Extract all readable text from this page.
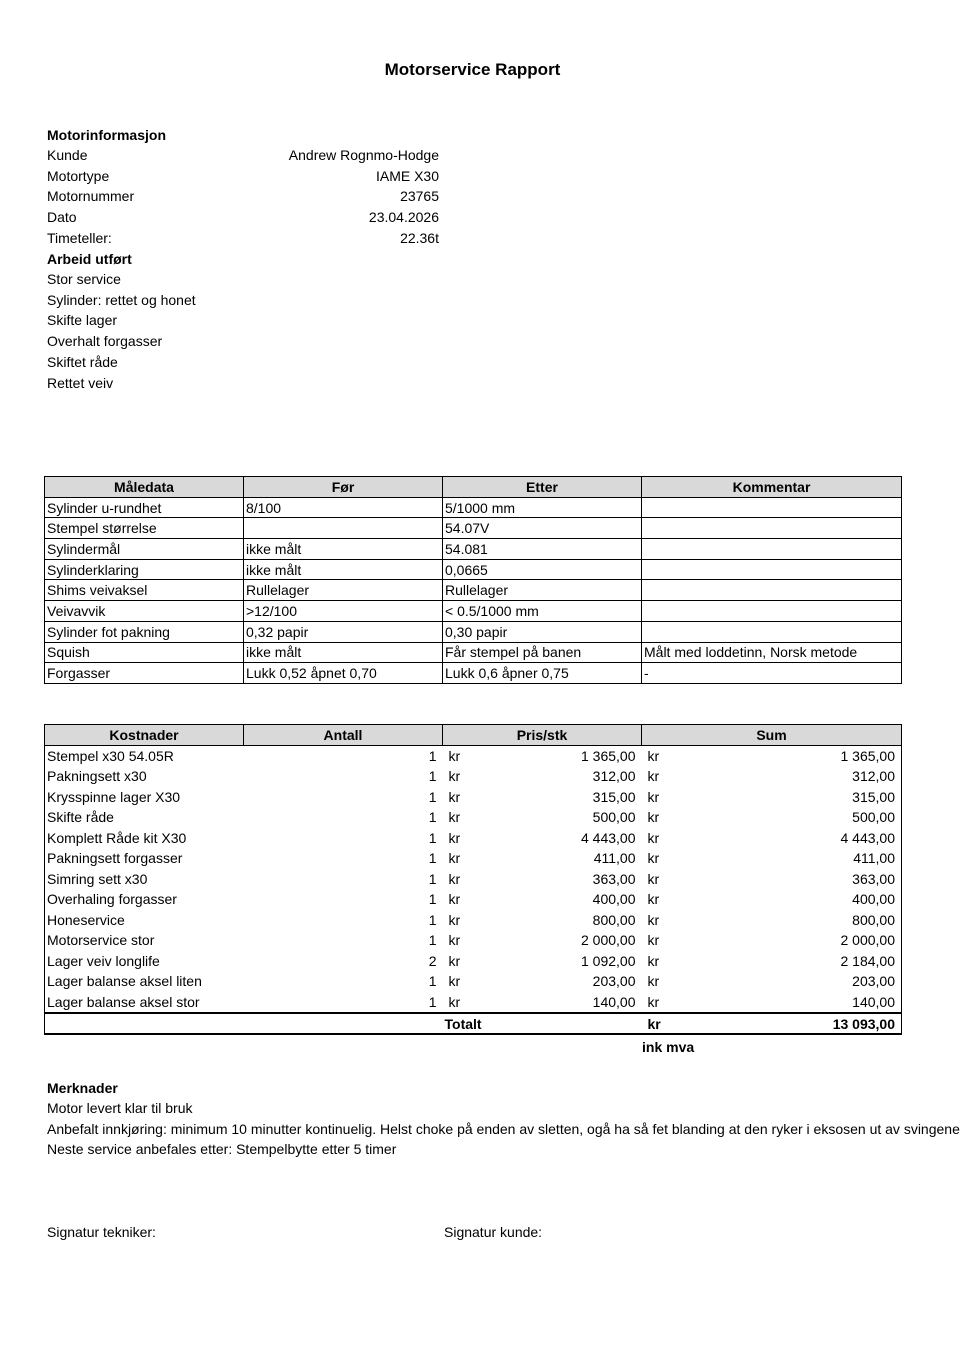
Motorservice Rapport
Motorinformasjon
Kunde	Andrew Rognmo-Hodge
Motortype	IAME X30
Motornummer	23765
Dato	23.04.2026
Timeteller:	22.36t
Arbeid utført
Stor service
Sylinder: rettet og honet
Skifte lager
Overhalt forgasser
Skiftet råde
Rettet veiv
Måledata	Før	Etter	Kommentar
Sylinder u-rundhet	8/100	5/1000 mm	
Stempel størrelse		54.07V	
Sylindermål	ikke målt	54.081	
Sylinderklaring	ikke målt	0,0665	
Shims veivaksel	Rullelager	Rullelager	
Veivavvik	>12/100	< 0.5/1000 mm	
Sylinder fot pakning	0,32 papir	0,30 papir	
Squish	ikke målt	Får stempel på banen	Målt med loddetinn, Norsk metode
Forgasser	Lukk 0,52 åpnet 0,70	Lukk 0,6 åpner 0,75	-
Kostnader	Antall	Pris/stk		Sum	
Stempel x30 54.05R	1	kr	1 365,00	kr	1 365,00
Pakningsett x30	1	kr	312,00	kr	312,00
Krysspinne lager X30	1	kr	315,00	kr	315,00
Skifte råde	1	kr	500,00	kr	500,00
Komplett Råde kit X30	1	kr	4 443,00	kr	4 443,00
Pakningsett forgasser	1	kr	411,00	kr	411,00
Simring sett x30	1	kr	363,00	kr	363,00
Overhaling forgasser	1	kr	400,00	kr	400,00
Honeservice	1	kr	800,00	kr	800,00
Motorservice stor	1	kr	2 000,00	kr	2 000,00
Lager veiv longlife	2	kr	1 092,00	kr	2 184,00
Lager balanse aksel liten	1	kr	203,00	kr	203,00
Lager balanse aksel stor	1	kr	140,00	kr	140,00
		Totalt		kr	13 093,00
ink mva
Merknader
Motor levert klar til bruk
Anbefalt innkjøring: minimum 10 minutter kontinuelig. Helst choke på enden av sletten, ogå ha så fet blanding at den ryker i eksosen ut av svingene
Neste service anbefales etter: Stempelbytte etter 5 timer
Signatur tekniker:	Signatur kunde:
